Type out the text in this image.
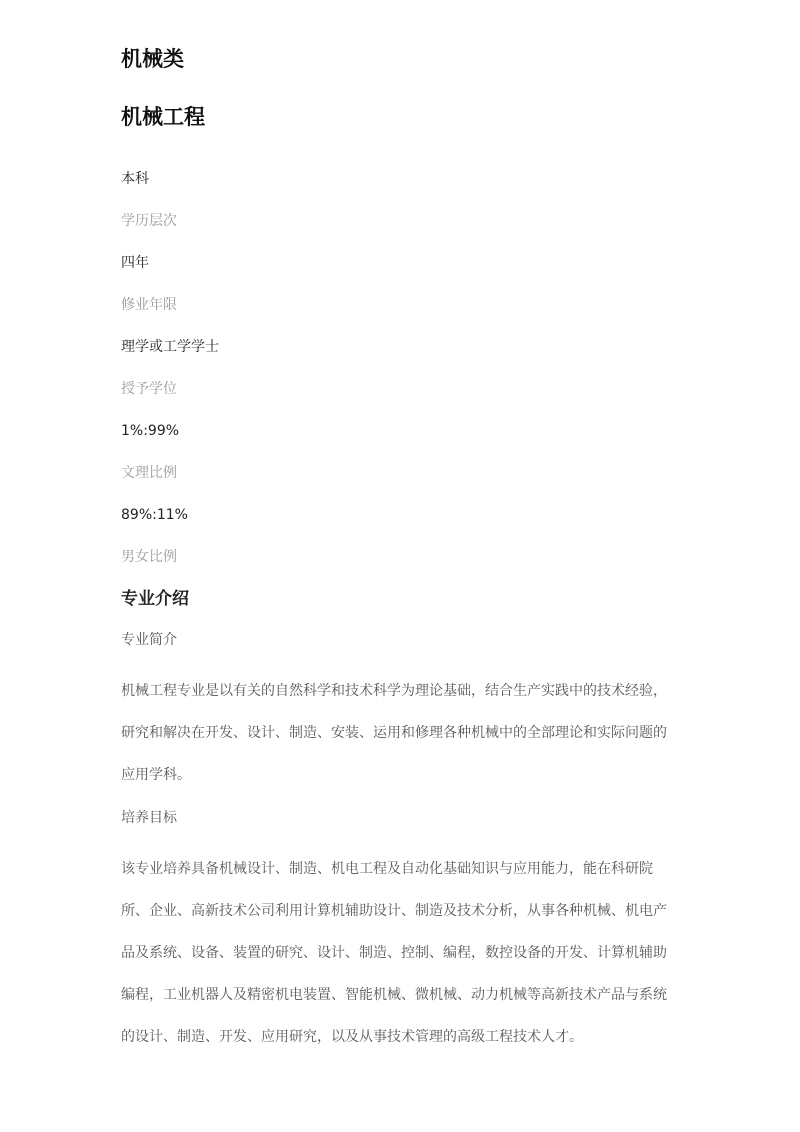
机械类
机械工程
本科
学历层次
四年
修业年限
理学或工学学士
授予学位
1%:99%
文理比例
89%:11%
男女比例
专业介绍
专业简介
机械工程专业是以有关的自然科学和技术科学为理论基础，结合生产实践中的技术经验，
研究和解决在开发、设计、制造、安装、运用和修理各种机械中的全部理论和实际问题的
应用学科。
培养目标
该专业培养具备机械设计、制造、机电工程及自动化基础知识与应用能力，能在科研院
所、企业、高新技术公司利用计算机辅助设计、制造及技术分析，从事各种机械、机电产
品及系统、设备、装置的研究、设计、制造、控制、编程，数控设备的开发、计算机辅助
编程，工业机器人及精密机电装置、智能机械、微机械、动力机械等高新技术产品与系统
的设计、制造、开发、应用研究，以及从事技术管理的高级工程技术人才。
